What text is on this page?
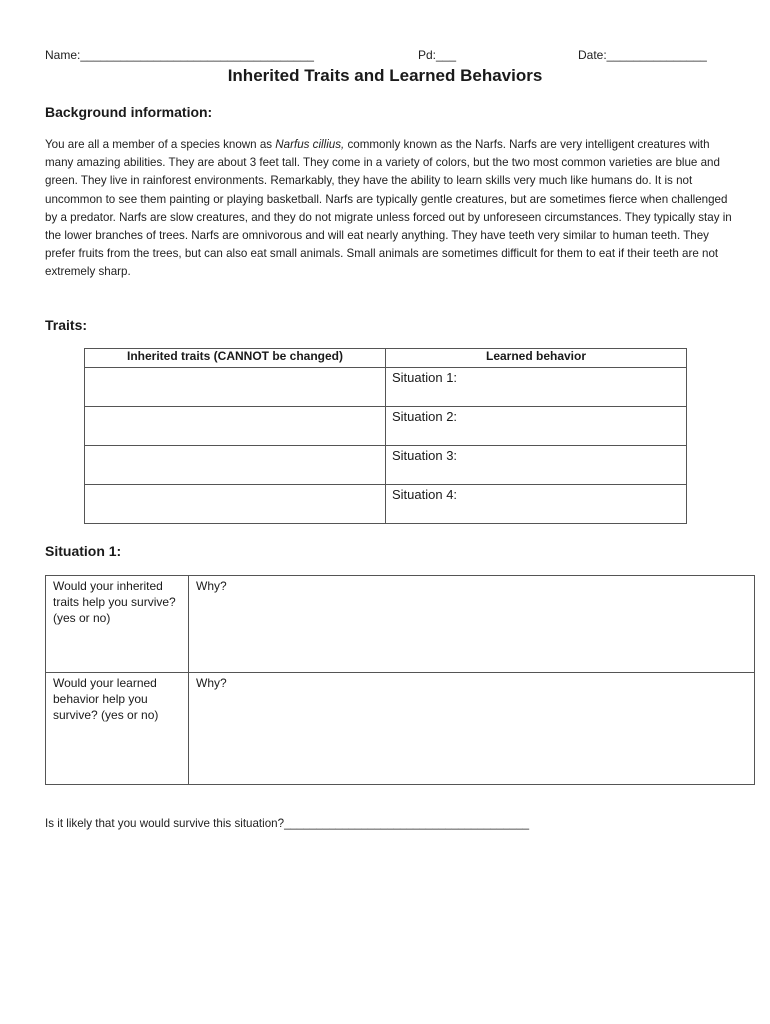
Name:___________________________________	Pd:___	Date:_______________
Inherited Traits and Learned Behaviors
Background information:
You are all a member of a species known as Narfus cillius, commonly known as the Narfs. Narfs are very intelligent creatures with many amazing abilities. They are about 3 feet tall. They come in a variety of colors, but the two most common varieties are blue and green. They live in rainforest environments. Remarkably, they have the ability to learn skills very much like humans do. It is not uncommon to see them painting or playing basketball. Narfs are typically gentle creatures, but are sometimes fierce when challenged by a predator. Narfs are slow creatures, and they do not migrate unless forced out by unforeseen circumstances. They typically stay in the lower branches of trees. Narfs are omnivorous and will eat nearly anything. They have teeth very similar to human teeth. They prefer fruits from the trees, but can also eat small animals. Small animals are sometimes difficult for them to eat if their teeth are not extremely sharp.
Traits:
Inherited traits (CANNOT be changed)	Learned behavior
	Situation 1:
	Situation 2:
	Situation 3:
	Situation 4:
Situation 1:
Would your inherited traits help you survive? (yes or no)	Why?
Would your learned behavior help you survive? (yes or no)	Why?
Is it likely that you would survive this situation?______________________________________
